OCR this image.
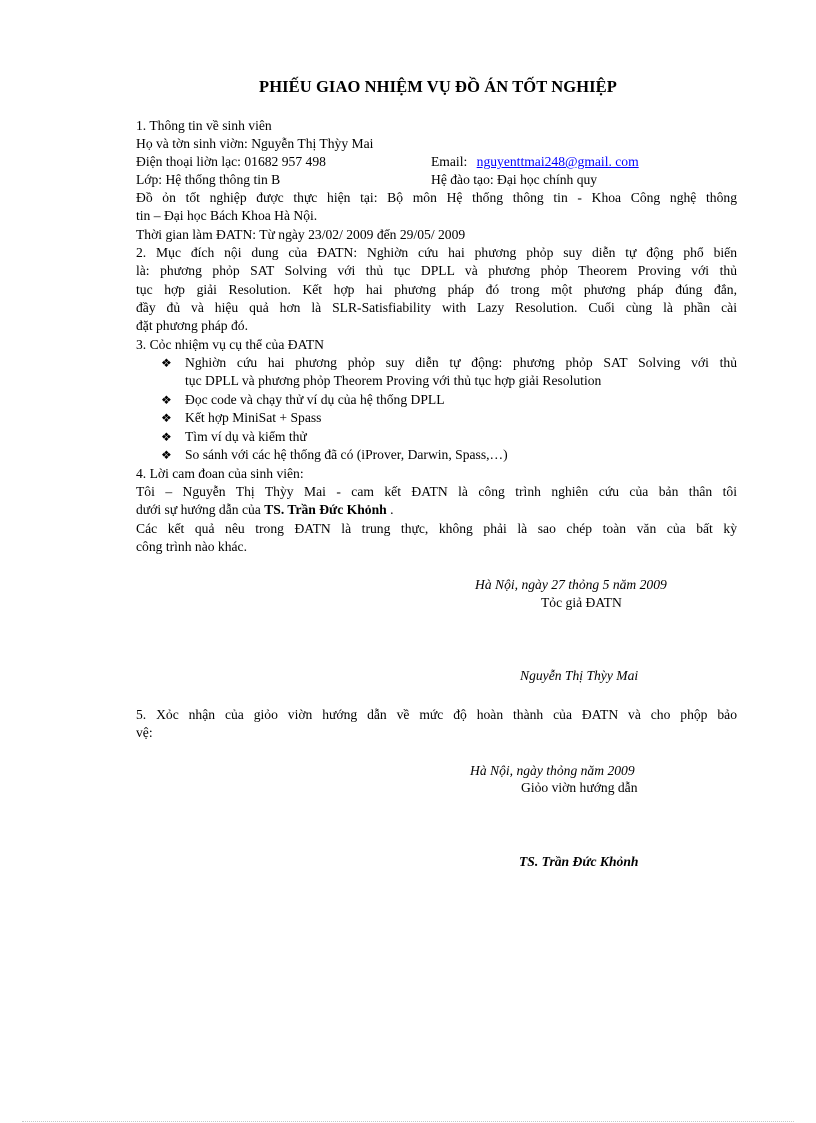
PHIẾU GIAO NHIỆM VỤ ĐỒ ÁN TỐT NGHIỆP
1. Thông tin về sinh viên
Họ và tờn sinh viờn: Nguyễn Thị Thỳy Mai
Điện thoại liờn lạc: 01682 957 498	Email: nguyenttmai248@gmail. com
Lớp: Hệ thống thông tin B	Hệ đào tạo: Đại học chính quy
Đồ ỏn tốt nghiệp được thực hiện tại: Bộ môn Hệ thống thông tin - Khoa Công nghệ thông
tin – Đại học Bách Khoa Hà Nội.
Thời gian làm ĐATN: Từ ngày 23/02/ 2009 đến 29/05/ 2009
2. Mục đích nội dung của ĐATN: Nghiờn cứu hai phương phỏp suy diễn tự động phổ biến
là: phương phỏp SAT Solving với thủ tục DPLL và phương phỏp Theorem Proving với thủ
tục hợp giải Resolution. Kết hợp hai phương pháp đó trong một phương pháp đúng đắn,
đầy đủ và hiệu quả hơn là SLR-Satisfiability with Lazy Resolution. Cuối cùng là phần cài
đặt phương pháp đó.
3. Cỏc nhiệm vụ cụ thể của ĐATN
❖ Nghiờn cứu hai phương phỏp suy diễn tự động: phương phỏp SAT Solving với thủ
tục DPLL và phương phỏp Theorem Proving với thủ tục hợp giải Resolution
❖ Đọc code và chạy thử ví dụ của hệ thống DPLL
❖ Kết hợp MiniSat + Spass
❖ Tìm ví dụ và kiểm thử
❖ So sánh với các hệ thống đã có (iProver, Darwin, Spass,…)
4. Lời cam đoan của sinh viên:
Tôi – Nguyễn Thị Thỳy Mai - cam kết ĐATN là công trình nghiên cứu của bản thân tôi
dưới sự hướng dẫn của TS. Trần Đức Khỏnh .
Các kết quả nêu trong ĐATN là trung thực, không phải là sao chép toàn văn của bất kỳ
công trình nào khác.
Hà Nội, ngày 27 thỏng 5 năm 2009
Tỏc giả ĐATN
Nguyễn Thị Thỳy Mai
5. Xỏc nhận của giỏo viờn hướng dẫn về mức độ hoàn thành của ĐATN và cho phộp bảo
vệ:
Hà Nội, ngày thỏng năm 2009
Giỏo viờn hướng dẫn
TS. Trần Đức Khỏnh
